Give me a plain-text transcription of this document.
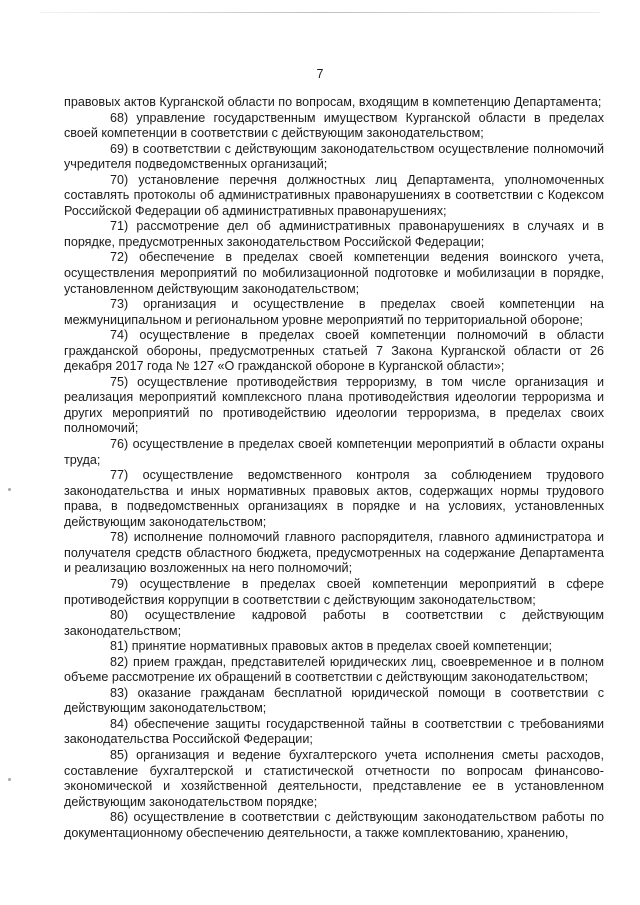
7

правовых актов Курганской области по вопросам, входящим в компетенцию Департамента;

68) управление государственным имуществом Курганской области в пределах своей компетенции в соответствии с действующим законодательством;

69) в соответствии с действующим законодательством осуществление полномочий учредителя подведомственных организаций;

70) установление перечня должностных лиц Департамента, уполномоченных составлять протоколы об административных правонарушениях в соответствии с Кодексом Российской Федерации об административных правонарушениях;

71) рассмотрение дел об административных правонарушениях в случаях и в порядке, предусмотренных законодательством Российской Федерации;

72) обеспечение в пределах своей компетенции ведения воинского учета, осуществления мероприятий по мобилизационной подготовке и мобилизации в порядке, установленном действующим законодательством;

73) организация и осуществление в пределах своей компетенции на межмуниципальном и региональном уровне мероприятий по территориальной обороне;

74) осуществление в пределах своей компетенции полномочий в области гражданской обороны, предусмотренных статьей 7 Закона Курганской области от 26 декабря 2017 года № 127 «О гражданской обороне в Курганской области»;

75) осуществление противодействия терроризму, в том числе организация и реализация мероприятий комплексного плана противодействия идеологии терроризма и других мероприятий по противодействию идеологии терроризма, в пределах своих полномочий;

76) осуществление в пределах своей компетенции мероприятий в области охраны труда;

77) осуществление ведомственного контроля за соблюдением трудового законодательства и иных нормативных правовых актов, содержащих нормы трудового права, в подведомственных организациях в порядке и на условиях, установленных действующим законодательством;

78) исполнение полномочий главного распорядителя, главного администратора и получателя средств областного бюджета, предусмотренных на содержание Департамента и реализацию возложенных на него полномочий;

79) осуществление в пределах своей компетенции мероприятий в сфере противодействия коррупции в соответствии с действующим законодательством;

80) осуществление кадровой работы в соответствии с действующим законодательством;

81) принятие нормативных правовых актов в пределах своей компетенции;

82) прием граждан, представителей юридических лиц, своевременное и в полном объеме рассмотрение их обращений в соответствии с действующим законодательством;

83) оказание гражданам бесплатной юридической помощи в соответствии с действующим законодательством;

84) обеспечение защиты государственной тайны в соответствии с требованиями законодательства Российской Федерации;

85) организация и ведение бухгалтерского учета исполнения сметы расходов, составление бухгалтерской и статистической отчетности по вопросам финансово-экономической и хозяйственной деятельности, представление ее в установленном действующим законодательством порядке;

86) осуществление в соответствии с действующим законодательством работы по документационному обеспечению деятельности, а также комплектованию, хранению,
